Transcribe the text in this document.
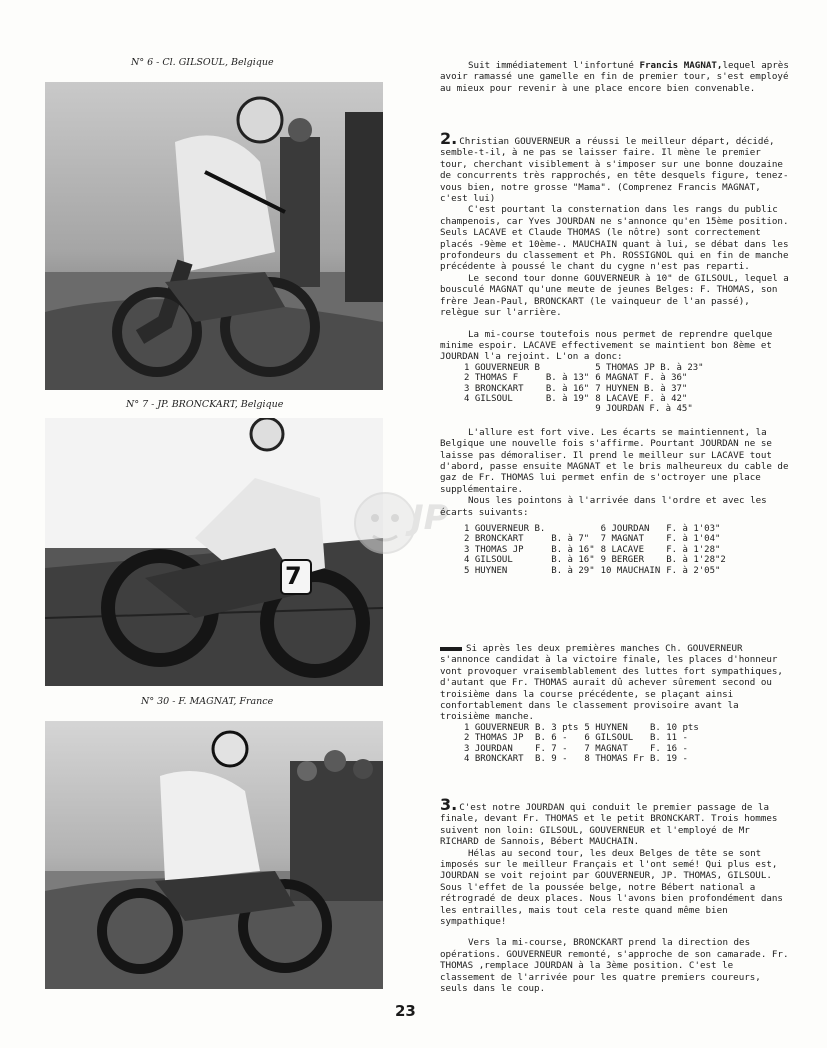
N° 6 - Cl. GILSOUL, Belgique
N° 7 - JP. BRONCKART, Belgique
N° 30 - F. MAGNAT, France
7
JP

Suit immédiatement l'infortuné Francis MAGNAT,lequel après avoir ramassé une gamelle en fin de premier tour, s'est employé au mieux pour revenir à une place encore bien convenable.

2. Christian GOUVERNEUR a réussi le meilleur départ, décidé, semble-t-il, à ne pas se laisser faire. Il mène le premier tour, cherchant visiblement à s'imposer sur une bonne douzaine de concurrents très rapprochés, en tête desquels figure, tenez-vous bien, notre grosse "Mama". (Comprenez Francis MAGNAT, c'est lui)

C'est pourtant la consternation dans les rangs du public champenois, car Yves JOURDAN ne s'annonce qu'en 15ème position. Seuls LACAVE et Claude THOMAS (le nôtre) sont correctement placés -9ème et 10ème-. MAUCHAIN quant à lui, se débat dans les profondeurs du classement et Ph. ROSSIGNOL qui en fin de manche précédente à poussé le chant du cygne n'est pas reparti.

Le second tour donne GOUVERNEUR à 10" de GILSOUL, lequel a bousculé MAGNAT qu'une meute de jeunes Belges: F. THOMAS, son frère Jean-Paul, BRONCKART (le vainqueur de l'an passé), relègue sur l'arrière.

La mi-course toutefois nous permet de reprendre quelque minime espoir. LACAVE effectivement se maintient bon 8ème et JOURDAN l'a rejoint. L'on a donc:

1 GOUVERNEUR B		5 THOMAS JP B. à 23"
2 THOMAS F	B. à 13"	6 MAGNAT F. à 36"
3 BRONCKART	B. à 16"	7 HUYNEN B. à 37"
4 GILSOUL	B. à 19"	8 LACAVE F. à 42"
		9 JOURDAN F. à 45"

L'allure est fort vive. Les écarts se maintiennent, la Belgique une nouvelle fois s'affirme. Pourtant JOURDAN ne se laisse pas démoraliser. Il prend le meilleur sur LACAVE tout d'abord, passe ensuite MAGNAT et le bris malheureux du cable de gaz de Fr. THOMAS lui permet enfin de s'octroyer une place supplémentaire.

Nous les pointons à l'arrivée dans l'ordre et avec les écarts suivants:

1 GOUVERNEUR B.		6 JOURDAN	F. à 1'03"
2 BRONCKART	B. à 7"	7 MAGNAT	F. à 1'04"
3 THOMAS JP	B. à 16"	8 LACAVE	F. à 1'28"
4 GILSOUL	B. à 16"	9 BERGER	B. à 1'28"2
5 HUYNEN	B. à 29"	10 MAUCHAIN	F. à 2'05"

Si après les deux premières manches Ch. GOUVERNEUR s'annonce candidat à la victoire finale, les places d'honneur vont provoquer vraisemblablement des luttes fort sympathiques, d'autant que Fr. THOMAS aurait dû achever sûrement second ou troisième dans la course précédente, se plaçant ainsi confortablement dans le classement provisoire avant la troisième manche.

1 GOUVERNEUR	B. 3 pts	5 HUYNEN	B. 10 pts
2 THOMAS JP	B. 6 -	6 GILSOUL	B. 11 -
3 JOURDAN	F. 7 -	7 MAGNAT	F. 16 -
4 BRONCKART	B. 9 -	8 THOMAS Fr	B. 19 -

3. C'est notre JOURDAN qui conduit le premier passage de la finale, devant Fr. THOMAS et le petit BRONCKART. Trois hommes suivent non loin: GILSOUL, GOUVERNEUR et l'employé de Mr RICHARD de Sannois, Bébert MAUCHAIN.

Hélas au second tour, les deux Belges de tête se sont imposés sur le meilleur Français et l'ont semé! Qui plus est, JOURDAN se voit rejoint par GOUVERNEUR, JP. THOMAS, GILSOUL. Sous l'effet de la poussée belge, notre Bébert national a rétrogradé de deux places. Nous l'avons bien profondément dans les entrailles, mais tout cela reste quand même bien sympathique!

Vers la mi-course, BRONCKART prend la direction des opérations. GOUVERNEUR remonté, s'approche de son camarade. Fr. THOMAS ,remplace JOURDAN à la 3ème position. C'est le classement de l'arrivée pour les quatre premiers coureurs, seuls dans le coup.

23
